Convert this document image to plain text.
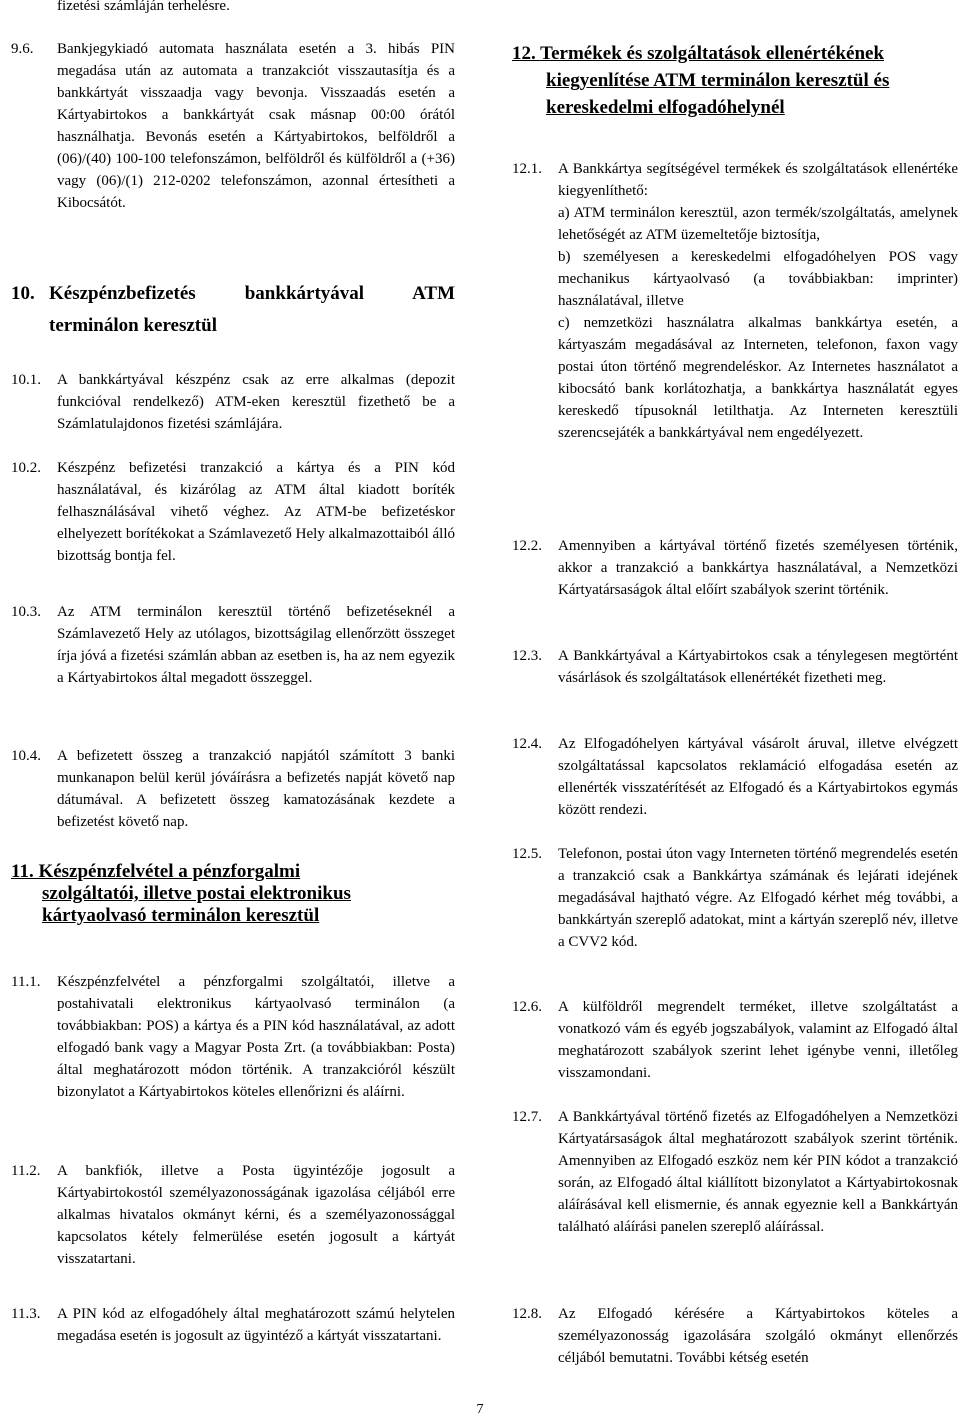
fizetési számláján terhelésre.
9.6.	Bankjegykiadó automata használata esetén a 3. hibás PIN megadása után az automata a tranzakciót visszautasítja és a bankkártyát visszaadja vagy bevonja. Visszaadás esetén a Kártyabirtokos a bankkártyát csak másnap 00:00 órától használhatja. Bevonás esetén a Kártyabirtokos, belföldről a (06)/(40) 100-100 telefonszámon, belföldről és külföldről a (+36) vagy (06)/(1) 212-0202 telefonszámon, azonnal értesítheti a Kibocsátót.
10. Készpénzbefizetés bankkártyával ATM terminálon keresztül
10.1.	A bankkártyával készpénz csak az erre alkalmas (depozit funkcióval rendelkező) ATM-eken keresztül fizethető be a Számlatulajdonos fizetési számlájára.
10.2.	Készpénz befizetési tranzakció a kártya és a PIN kód használatával, és kizárólag az ATM által kiadott boríték felhasználásával vihető véghez. Az ATM-be befizetéskor elhelyezett borítékokat a Számlavezető Hely alkalmazottaiból álló bizottság bontja fel.
10.3.	Az ATM terminálon keresztül történő befizetéseknél a Számlavezető Hely az utólagos, bizottságilag ellenőrzött összeget írja jóvá a fizetési számlán abban az esetben is, ha az nem egyezik a Kártyabirtokos által megadott összeggel.
10.4.	A befizetett összeg a tranzakció napjától számított 3 banki munkanapon belül kerül jóváírásra a befizetés napját követő nap dátumával. A befizetett összeg kamatozásának kezdete a befizetést követő nap.
11. Készpénzfelvétel a pénzforgalmi
szolgáltatói, illetve postai elektronikus
kártyaolvasó terminálon keresztül
11.1.	Készpénzfelvétel a pénzforgalmi szolgáltatói, illetve a postahivatali elektronikus kártyaolvasó terminálon (a továbbiakban: POS) a kártya és a PIN kód használatával, az adott elfogadó bank vagy a Magyar Posta Zrt. (a továbbiakban: Posta) által meghatározott módon történik. A tranzakcióról készült bizonylatot a Kártyabirtokos köteles ellenőrizni és aláírni.
11.2.	A bankfiók, illetve a Posta ügyintézője jogosult a Kártyabirtokostól személyazonosságának igazolása céljából erre alkalmas hivatalos okmányt kérni, és a személyazonossággal kapcsolatos kétely felmerülése esetén jogosult a kártyát visszatartani.
11.3.	A PIN kód az elfogadóhely által meghatározott számú helytelen megadása esetén is jogosult az ügyintéző a kártyát visszatartani.
12. Termékek és szolgáltatások ellenértékének
kiegyenlítése ATM terminálon keresztül és
kereskedelmi elfogadóhelynél
12.1.	A Bankkártya segítségével termékek és szolgáltatások ellenértéke kiegyenlíthető:
a) ATM terminálon keresztül, azon termék/szolgáltatás, amelynek lehetőségét az ATM üzemeltetője biztosítja,
b) személyesen a kereskedelmi elfogadóhelyen POS vagy mechanikus kártyaolvasó (a továbbiakban: imprinter) használatával, illetve
c) nemzetközi használatra alkalmas bankkártya esetén, a kártyaszám megadásával az Interneten, telefonon, faxon vagy postai úton történő megrendeléskor. Az Internetes használatot a kibocsátó bank korlátozhatja, a bankkártya használatát egyes kereskedő típusoknál letilthatja. Az Interneten keresztüli szerencsejáték a bankkártyával nem engedélyezett.
12.2.	Amennyiben a kártyával történő fizetés személyesen történik, akkor a tranzakció a bankkártya használatával, a Nemzetközi Kártyatársaságok által előírt szabályok szerint történik.
12.3.	A Bankkártyával a Kártyabirtokos csak a ténylegesen megtörtént vásárlások és szolgáltatások ellenértékét fizetheti meg.
12.4.	Az Elfogadóhelyen kártyával vásárolt áruval, illetve elvégzett szolgáltatással kapcsolatos reklamáció elfogadása esetén az ellenérték visszatérítését az Elfogadó és a Kártyabirtokos egymás között rendezi.
12.5.	Telefonon, postai úton vagy Interneten történő megrendelés esetén a tranzakció csak a Bankkártya számának és lejárati idejének megadásával hajtható végre. Az Elfogadó kérhet még további, a bankkártyán szereplő adatokat, mint a kártyán szereplő név, illetve a CVV2 kód.
12.6.	A külföldről megrendelt terméket, illetve szolgáltatást a vonatkozó vám és egyéb jogszabályok, valamint az Elfogadó által meghatározott szabályok szerint lehet igénybe venni, illetőleg visszamondani.
12.7.	A Bankkártyával történő fizetés az Elfogadóhelyen a Nemzetközi Kártyatársaságok által meghatározott szabályok szerint történik. Amennyiben az Elfogadó eszköz nem kér PIN kódot a tranzakció során, az Elfogadó által kiállított bizonylatot a Kártyabirtokosnak aláírásával kell elismernie, és annak egyeznie kell a Bankkártyán található aláírási panelen szereplő aláírással.
12.8.	Az Elfogadó kérésére a Kártyabirtokos köteles a személyazonosság igazolására szolgáló okmányt ellenőrzés céljából bemutatni. További kétség esetén
7
